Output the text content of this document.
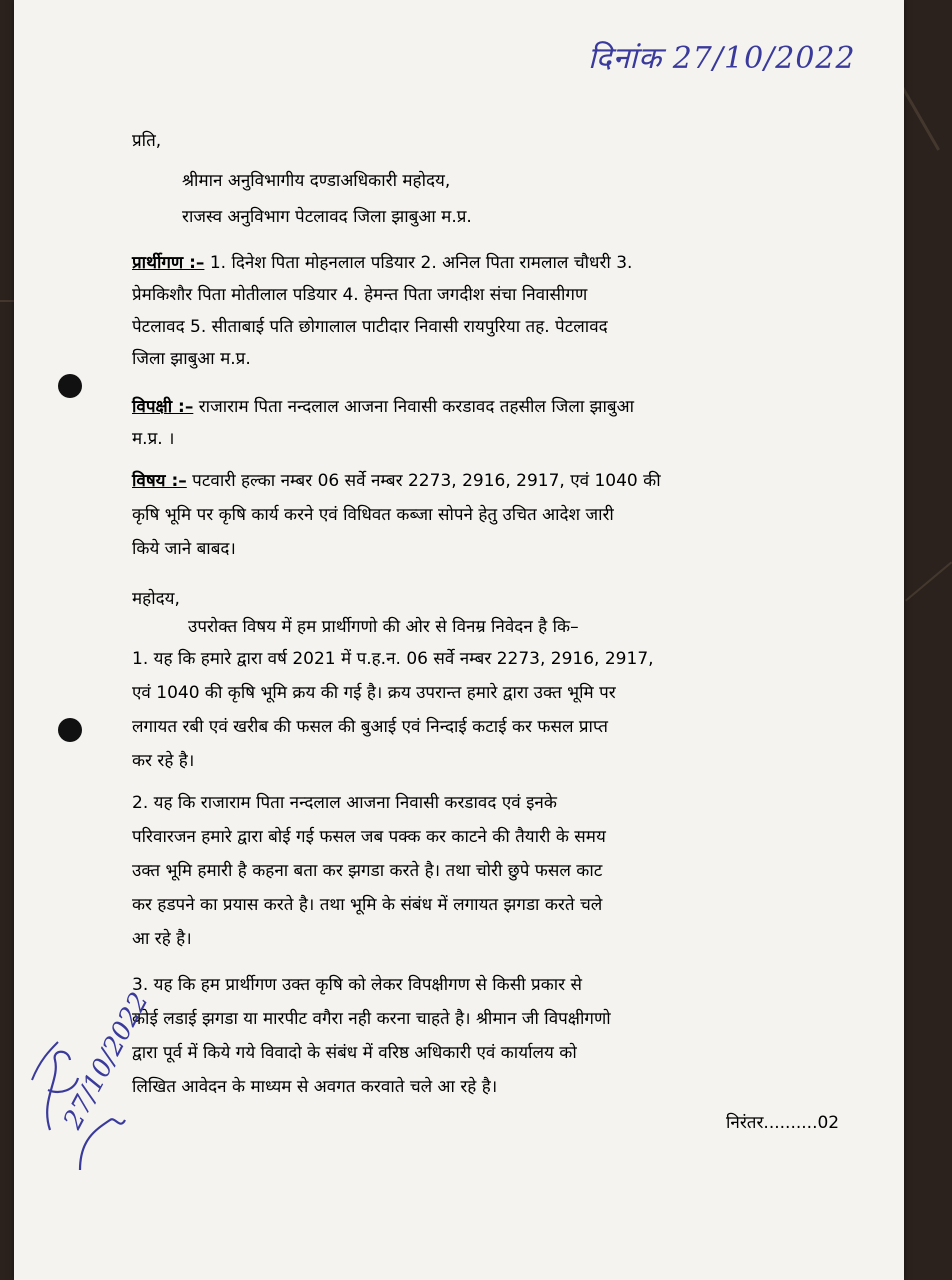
दिनांक 27/10/2022
प्रति,
श्रीमान अनुविभागीय दण्डाअधिकारी महोदय,
राजस्व अनुविभाग पेटलावद जिला झाबुआ म.प्र.
प्रार्थीगण :– 1. दिनेश पिता मोहनलाल पडियार 2. अनिल पिता रामलाल चौधरी 3.
प्रेमकिशौर पिता मोतीलाल पडियार 4. हेमन्त पिता जगदीश संचा निवासीगण
पेटलावद 5. सीताबाई पति छोगालाल पाटीदार निवासी रायपुरिया तह. पेटलावद
जिला झाबुआ म.प्र.
विपक्षी :– राजाराम पिता नन्दलाल आजना निवासी करडावद तहसील जिला झाबुआ
म.प्र. ।
विषय :– पटवारी हल्का नम्बर 06 सर्वे नम्बर 2273, 2916, 2917, एवं 1040 की
कृषि भूमि पर कृषि कार्य करने एवं विधिवत कब्जा सोपने हेतु उचित आदेश जारी
किये जाने बाबद।
महोदय,
उपरोक्त विषय में हम प्रार्थीगणो की ओर से विनम्र निवेदन है कि–
1. यह कि हमारे द्वारा वर्ष 2021 में प.ह.न. 06 सर्वे नम्बर 2273, 2916, 2917,
एवं 1040 की कृषि भूमि क्रय की गई है। क्रय उपरान्त हमारे द्वारा उक्त भूमि पर
लगायत रबी एवं खरीब की फसल की बुआई एवं निन्दाई कटाई कर फसल प्राप्त
कर रहे है।
2. यह कि राजाराम पिता नन्दलाल आजना निवासी करडावद एवं इनके
परिवारजन हमारे द्वारा बोई गई फसल जब पक्क कर काटने की तैयारी के समय
उक्त भूमि हमारी है कहना बता कर झगडा करते है। तथा चोरी छुपे फसल काट
कर हडपने का प्रयास करते है। तथा भूमि के संबंध में लगायत झगडा करते चले
आ रहे है।
3. यह कि हम प्रार्थीगण उक्त कृषि को लेकर विपक्षीगण से किसी प्रकार से
कोई लडाई झगडा या मारपीट वगैरा नही करना चाहते है। श्रीमान जी विपक्षीगणो
द्वारा पूर्व में किये गये विवादो के संबंध में वरिष्ठ अधिकारी एवं कार्यालय को
लिखित आवेदन के माध्यम से अवगत करवाते चले आ रहे है।
निरंतर..........02
27/10/2022
